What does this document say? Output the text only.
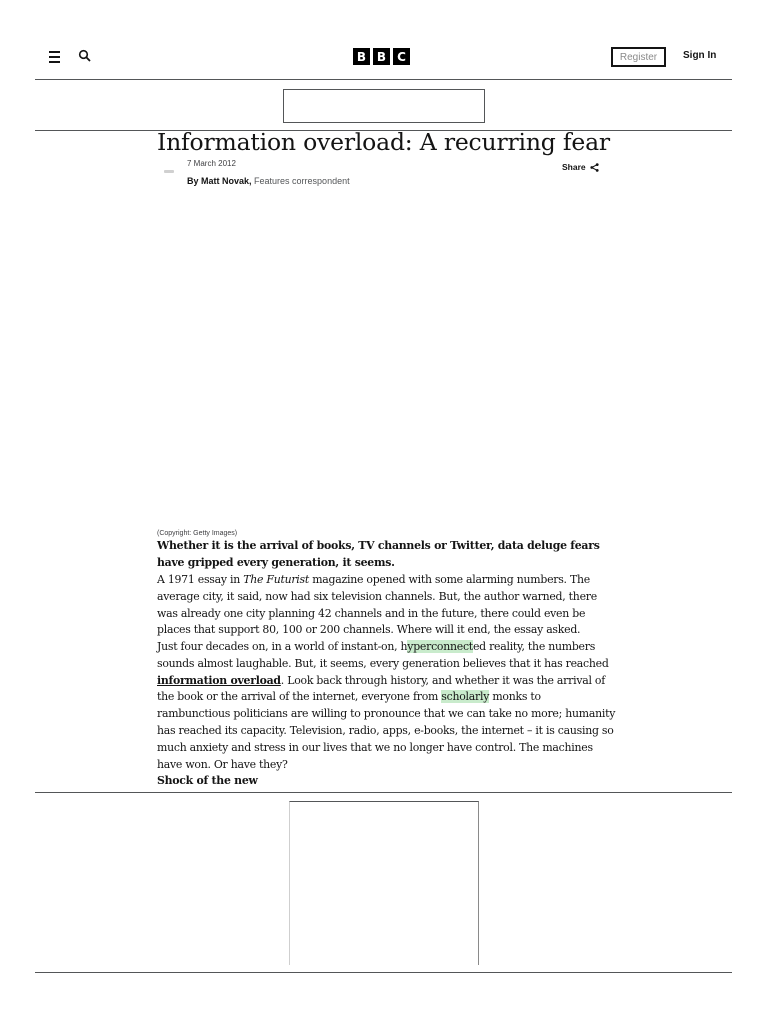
B B C	Register	Sign In
Information overload: A recurring fear
7 March 2012
By Matt Novak, Features correspondent
Share
(Copyright: Getty Images)

Whether it is the arrival of books, TV channels or Twitter, data deluge fears have gripped every generation, it seems.

A 1971 essay in The Futurist magazine opened with some alarming numbers. The average city, it said, now had six television channels. But, the author warned, there was already one city planning 42 channels and in the future, there could even be places that support 80, 100 or 200 channels. Where will it end, the essay asked.

Just four decades on, in a world of instant-on, hyperconnected reality, the numbers sounds almost laughable. But, it seems, every generation believes that it has reached information overload. Look back through history, and whether it was the arrival of the book or the arrival of the internet, everyone from scholarly monks to rambunctious politicians are willing to pronounce that we can take no more; humanity has reached its capacity. Television, radio, apps, e-books, the internet – it is causing so much anxiety and stress in our lives that we no longer have control. The machines have won. Or have they?

Shock of the new
